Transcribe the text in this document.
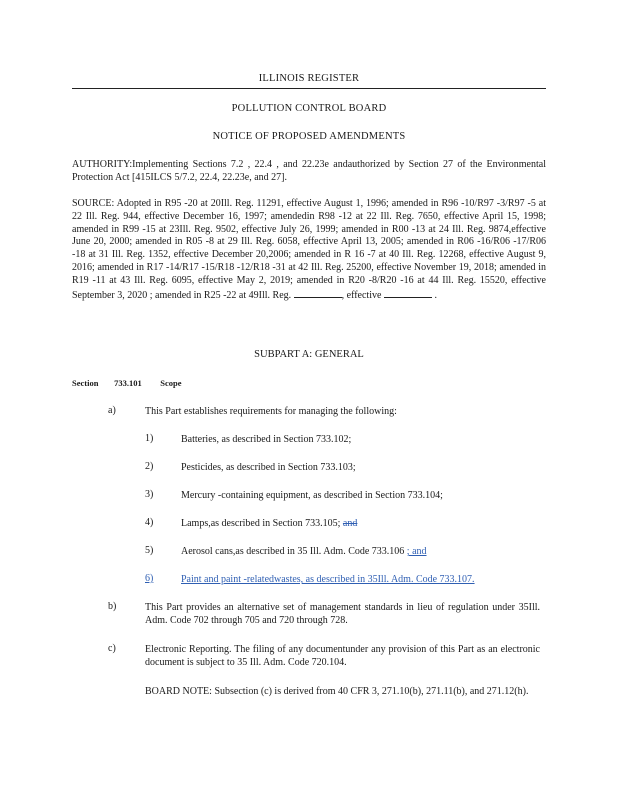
ILLINOIS REGISTER
POLLUTION CONTROL BOARD
NOTICE OF PROPOSED AMENDMENTS
AUTHORITY:Implementing Sections 7.2 , 22.4 , and 22.23e andauthorized by Section 27 of the Environmental Protection Act [415ILCS 5/7.2, 22.4, 22.23e, and 27].
SOURCE: Adopted in R95 -20 at 20Ill. Reg. 11291, effective August 1, 1996; amended in R96 -10/R97 -3/R97 -5 at 22 Ill. Reg. 944, effective December 16, 1997; amendedin R98 -12 at 22 Ill. Reg. 7650, effective April 15, 1998; amended in R99 -15 at 23Ill. Reg. 9502, effective July 26, 1999; amended in R00 -13 at 24 Ill. Reg. 9874,effective June 20, 2000; amended in R05 -8 at 29 Ill. Reg. 6058, effective April 13, 2005; amended in R06 -16/R06 -17/R06 -18 at 31 Ill. Reg. 1352, effective December 20,2006; amended in R 16 -7 at 40 Ill. Reg. 12268, effective August 9, 2016; amended in R17 -14/R17 -15/R18 -12/R18 -31 at 42 Ill. Reg. 25200, effective November 19, 2018; amended in R19 -11 at 43 Ill. Reg. 6095, effective May 2, 2019; amended in R20 -8/R20 -16 at 44 Ill. Reg. 15520, effective September 3, 2020 ; amended in R25 -22 at 49Ill. Reg.	, effective	.
SUBPART A: GENERAL
Section 733.101 Scope
a)	This Part establishes requirements for managing the following:
1)	Batteries, as described in Section 733.102;
2)	Pesticides, as described in Section 733.103;
3)	Mercury -containing equipment, as described in Section 733.104;
4)	Lamps,as described in Section 733.105; and
5)	Aerosol cans,as described in 35 Ill. Adm. Code 733.106 ; and
6)	Paint and paint -relatedwastes, as described in 35Ill. Adm. Code 733.107.
b)	This Part provides an alternative set of management standards in lieu of regulation under 35Ill. Adm. Code 702 through 705 and 720 through 728.
c)	Electronic Reporting. The filing of any documentunder any provision of this Part as an electronic document is subject to 35 Ill. Adm. Code 720.104.
BOARD NOTE: Subsection (c) is derived from 40 CFR 3, 271.10(b), 271.11(b), and 271.12(h).
